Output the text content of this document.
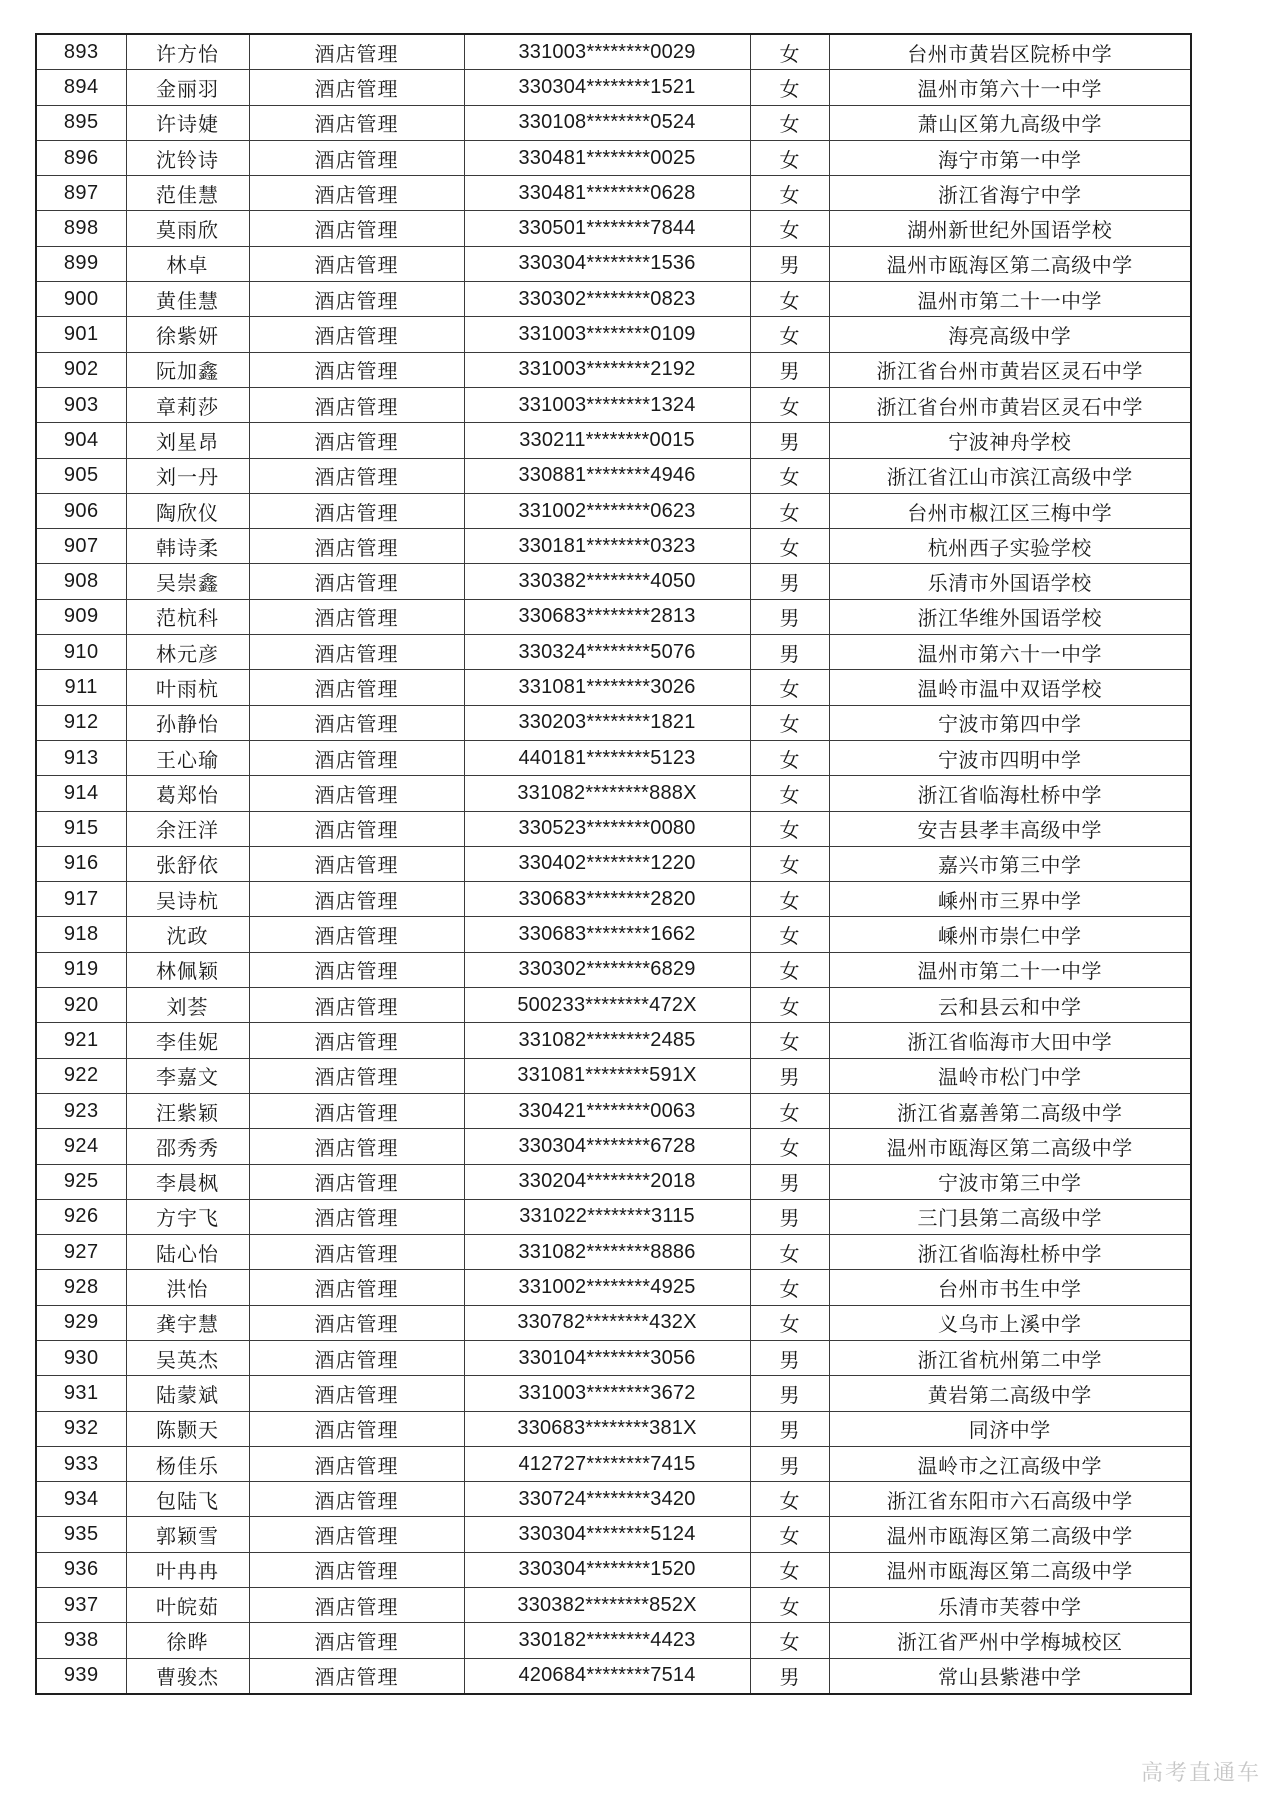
893	许方怡	酒店管理	331003********0029	女	台州市黄岩区院桥中学
894	金丽羽	酒店管理	330304********1521	女	温州市第六十一中学
895	许诗婕	酒店管理	330108********0524	女	萧山区第九高级中学
896	沈铃诗	酒店管理	330481********0025	女	海宁市第一中学
897	范佳慧	酒店管理	330481********0628	女	浙江省海宁中学
898	莫雨欣	酒店管理	330501********7844	女	湖州新世纪外国语学校
899	林卓	酒店管理	330304********1536	男	温州市瓯海区第二高级中学
900	黄佳慧	酒店管理	330302********0823	女	温州市第二十一中学
901	徐紫妍	酒店管理	331003********0109	女	海亮高级中学
902	阮加鑫	酒店管理	331003********2192	男	浙江省台州市黄岩区灵石中学
903	章莉莎	酒店管理	331003********1324	女	浙江省台州市黄岩区灵石中学
904	刘星昂	酒店管理	330211********0015	男	宁波神舟学校
905	刘一丹	酒店管理	330881********4946	女	浙江省江山市滨江高级中学
906	陶欣仪	酒店管理	331002********0623	女	台州市椒江区三梅中学
907	韩诗柔	酒店管理	330181********0323	女	杭州西子实验学校
908	吴崇鑫	酒店管理	330382********4050	男	乐清市外国语学校
909	范杭科	酒店管理	330683********2813	男	浙江华维外国语学校
910	林元彦	酒店管理	330324********5076	男	温州市第六十一中学
911	叶雨杭	酒店管理	331081********3026	女	温岭市温中双语学校
912	孙静怡	酒店管理	330203********1821	女	宁波市第四中学
913	王心瑜	酒店管理	440181********5123	女	宁波市四明中学
914	葛郑怡	酒店管理	331082********888X	女	浙江省临海杜桥中学
915	余汪洋	酒店管理	330523********0080	女	安吉县孝丰高级中学
916	张舒依	酒店管理	330402********1220	女	嘉兴市第三中学
917	吴诗杭	酒店管理	330683********2820	女	嵊州市三界中学
918	沈政	酒店管理	330683********1662	女	嵊州市崇仁中学
919	林佩颖	酒店管理	330302********6829	女	温州市第二十一中学
920	刘荟	酒店管理	500233********472X	女	云和县云和中学
921	李佳妮	酒店管理	331082********2485	女	浙江省临海市大田中学
922	李嘉文	酒店管理	331081********591X	男	温岭市松门中学
923	汪紫颖	酒店管理	330421********0063	女	浙江省嘉善第二高级中学
924	邵秀秀	酒店管理	330304********6728	女	温州市瓯海区第二高级中学
925	李晨枫	酒店管理	330204********2018	男	宁波市第三中学
926	方宇飞	酒店管理	331022********3115	男	三门县第二高级中学
927	陆心怡	酒店管理	331082********8886	女	浙江省临海杜桥中学
928	洪怡	酒店管理	331002********4925	女	台州市书生中学
929	龚宇慧	酒店管理	330782********432X	女	义乌市上溪中学
930	吴英杰	酒店管理	330104********3056	男	浙江省杭州第二中学
931	陆蒙斌	酒店管理	331003********3672	男	黄岩第二高级中学
932	陈颢天	酒店管理	330683********381X	男	同济中学
933	杨佳乐	酒店管理	412727********7415	男	温岭市之江高级中学
934	包陆飞	酒店管理	330724********3420	女	浙江省东阳市六石高级中学
935	郭颖雪	酒店管理	330304********5124	女	温州市瓯海区第二高级中学
936	叶冉冉	酒店管理	330304********1520	女	温州市瓯海区第二高级中学
937	叶皖茹	酒店管理	330382********852X	女	乐清市芙蓉中学
938	徐晔	酒店管理	330182********4423	女	浙江省严州中学梅城校区
939	曹骏杰	酒店管理	420684********7514	男	常山县紫港中学
高考直通车
